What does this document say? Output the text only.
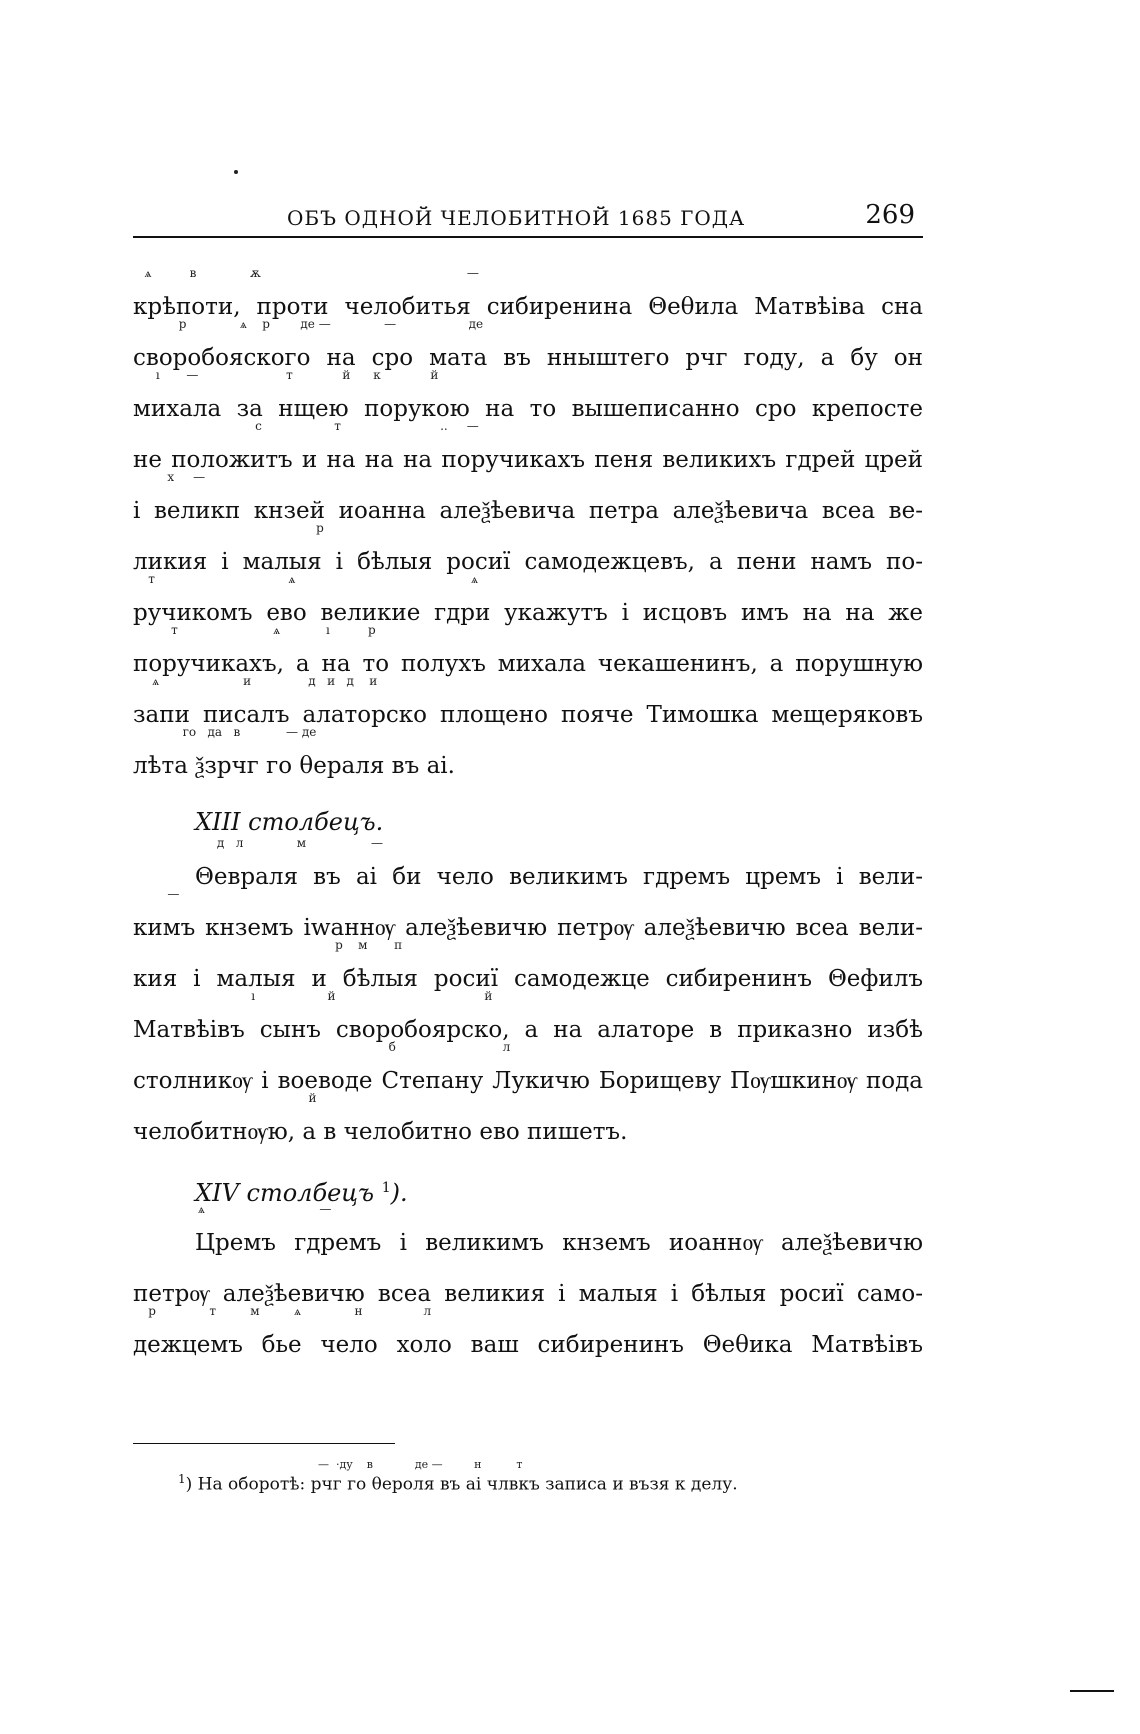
ОБЪ ОДНОЙ ЧЕЛОБИТНОЙ 1685 ГОДА	269
ѧ          в              ѫ                                                      —
крѣпоти, проти челобитья сибиренина Θеθила Матвѣіва сна
р              ѧ    р        де —              —                   де
своробояского на сро мата въ нныштего рчг году, а бу он
ı       —                       т             й      к             й
михала за нщею порукою на то вышеписанно сро крепосте
с                   т                          ..     —
не положитъ и на на на поручикахъ пеня великихъ гдрей црей
х     —
і великп кнзей иоанна алеѯѣевича петра алеѯѣевича всеа ве-
р
ликия і малыя і бѣлыя росиї самодежцевъ, а пени намъ по-
т                                   ѧ                                              ѧ
ручикомъ ево великие гдри укажутъ і исцовъ имъ на на же
т                         ѧ            ı          р
поручикахъ, а на то полухъ михала чекашенинъ, а порушную
ѧ                      и               д   и   д    и
запи писалъ алаторско площено пояче Тимошка мещеряковъ
го   да   в            — де
лѣта ѯзрчг го θераля въ аі.
XIII столбецъ.
д   л              м                 —
Θевраля въ аі би чело великимъ гдремъ цремъ і вели-
—
кимъ кнземъ іwаннѹ алеѯѣевичю петрѹ алеѯѣевичю всеа вели-
р    м       п
кия і малыя и бѣлыя росиї самодежце сибиренинъ Θефилъ
ı                   й                                       й
Матвѣівъ сынъ своробоярско, а на алаторе в приказно избѣ
б                            л
столникѹ і воеводе Степану Лукичю Борищеву Пѹшкинѹ пода
й
челобитнѹю, а в челобитно ево пишетъ.
XIV столбецъ $^1$).
ѧ                              —
Цремъ гдремъ і великимъ кнземъ иоаннѹ алеѯѣевичю
петрѹ алеѯѣевичю всеа великия і малыя і бѣлыя росиї само-
р              т         м         ѧ              н                л
дежцемъ бье чело холо ваш сибиренинъ Θеθика Матвѣівъ
—  ·ду    в            де —         н          т
$^1$) На оборотѣ: рчг го θероля въ аі члвкъ записа и възя к делу.
